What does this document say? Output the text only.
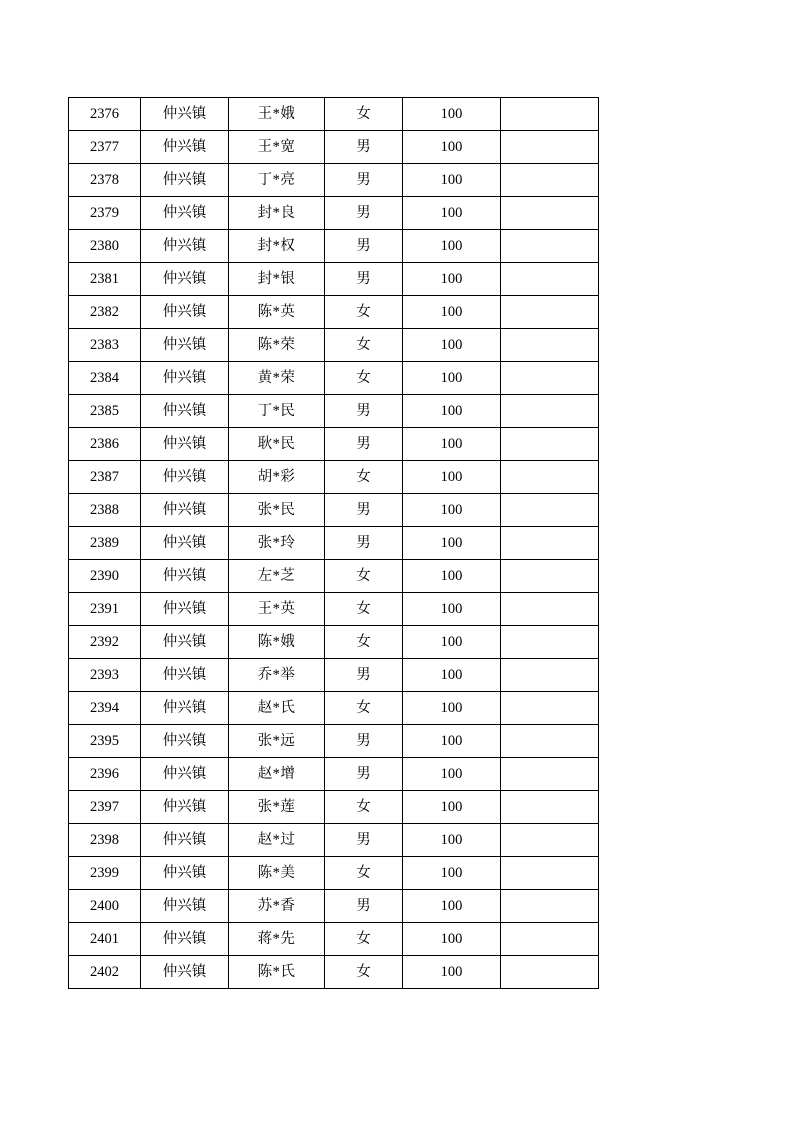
2376	仲兴镇	王*娥	女	100	
2377	仲兴镇	王*宽	男	100	
2378	仲兴镇	丁*亮	男	100	
2379	仲兴镇	封*良	男	100	
2380	仲兴镇	封*权	男	100	
2381	仲兴镇	封*银	男	100	
2382	仲兴镇	陈*英	女	100	
2383	仲兴镇	陈*荣	女	100	
2384	仲兴镇	黄*荣	女	100	
2385	仲兴镇	丁*民	男	100	
2386	仲兴镇	耿*民	男	100	
2387	仲兴镇	胡*彩	女	100	
2388	仲兴镇	张*民	男	100	
2389	仲兴镇	张*玲	男	100	
2390	仲兴镇	左*芝	女	100	
2391	仲兴镇	王*英	女	100	
2392	仲兴镇	陈*娥	女	100	
2393	仲兴镇	乔*举	男	100	
2394	仲兴镇	赵*氏	女	100	
2395	仲兴镇	张*远	男	100	
2396	仲兴镇	赵*增	男	100	
2397	仲兴镇	张*莲	女	100	
2398	仲兴镇	赵*过	男	100	
2399	仲兴镇	陈*美	女	100	
2400	仲兴镇	苏*香	男	100	
2401	仲兴镇	蒋*先	女	100	
2402	仲兴镇	陈*氏	女	100	
